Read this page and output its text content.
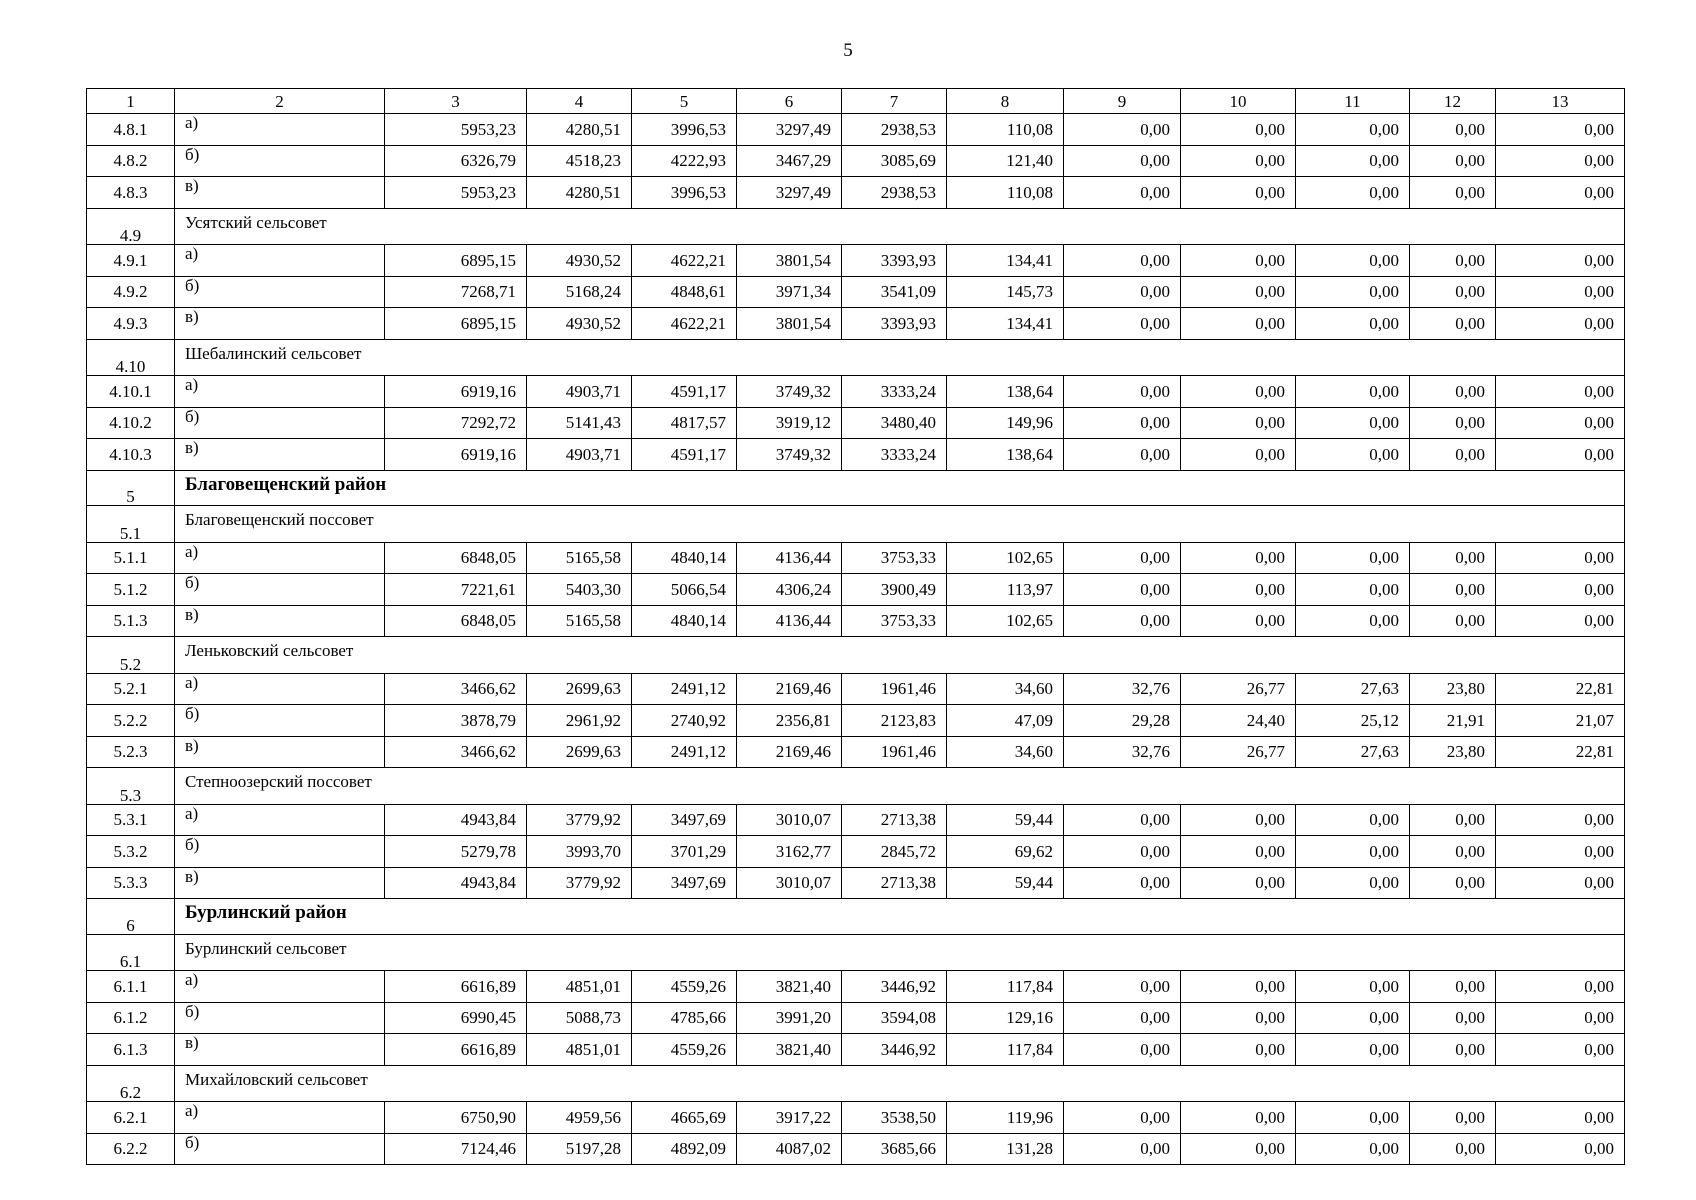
5
1	2	3	4	5	6	7	8	9	10	11	12	13
4.8.1	а)	5953,23	4280,51	3996,53	3297,49	2938,53	110,08	0,00	0,00	0,00	0,00	0,00
4.8.2	б)	6326,79	4518,23	4222,93	3467,29	3085,69	121,40	0,00	0,00	0,00	0,00	0,00
4.8.3	в)	5953,23	4280,51	3996,53	3297,49	2938,53	110,08	0,00	0,00	0,00	0,00	0,00
4.9	Усятский сельсовет											
4.9.1	а)	6895,15	4930,52	4622,21	3801,54	3393,93	134,41	0,00	0,00	0,00	0,00	0,00
4.9.2	б)	7268,71	5168,24	4848,61	3971,34	3541,09	145,73	0,00	0,00	0,00	0,00	0,00
4.9.3	в)	6895,15	4930,52	4622,21	3801,54	3393,93	134,41	0,00	0,00	0,00	0,00	0,00
4.10	Шебалинский сельсовет											
4.10.1	а)	6919,16	4903,71	4591,17	3749,32	3333,24	138,64	0,00	0,00	0,00	0,00	0,00
4.10.2	б)	7292,72	5141,43	4817,57	3919,12	3480,40	149,96	0,00	0,00	0,00	0,00	0,00
4.10.3	в)	6919,16	4903,71	4591,17	3749,32	3333,24	138,64	0,00	0,00	0,00	0,00	0,00
5	Благовещенский район											
5.1	Благовещенский поссовет											
5.1.1	а)	6848,05	5165,58	4840,14	4136,44	3753,33	102,65	0,00	0,00	0,00	0,00	0,00
5.1.2	б)	7221,61	5403,30	5066,54	4306,24	3900,49	113,97	0,00	0,00	0,00	0,00	0,00
5.1.3	в)	6848,05	5165,58	4840,14	4136,44	3753,33	102,65	0,00	0,00	0,00	0,00	0,00
5.2	Леньковский сельсовет											
5.2.1	а)	3466,62	2699,63	2491,12	2169,46	1961,46	34,60	32,76	26,77	27,63	23,80	22,81
5.2.2	б)	3878,79	2961,92	2740,92	2356,81	2123,83	47,09	29,28	24,40	25,12	21,91	21,07
5.2.3	в)	3466,62	2699,63	2491,12	2169,46	1961,46	34,60	32,76	26,77	27,63	23,80	22,81
5.3	Степноозерский поссовет											
5.3.1	а)	4943,84	3779,92	3497,69	3010,07	2713,38	59,44	0,00	0,00	0,00	0,00	0,00
5.3.2	б)	5279,78	3993,70	3701,29	3162,77	2845,72	69,62	0,00	0,00	0,00	0,00	0,00
5.3.3	в)	4943,84	3779,92	3497,69	3010,07	2713,38	59,44	0,00	0,00	0,00	0,00	0,00
6	Бурлинский район											
6.1	Бурлинский сельсовет											
6.1.1	а)	6616,89	4851,01	4559,26	3821,40	3446,92	117,84	0,00	0,00	0,00	0,00	0,00
6.1.2	б)	6990,45	5088,73	4785,66	3991,20	3594,08	129,16	0,00	0,00	0,00	0,00	0,00
6.1.3	в)	6616,89	4851,01	4559,26	3821,40	3446,92	117,84	0,00	0,00	0,00	0,00	0,00
6.2	Михайловский сельсовет											
6.2.1	а)	6750,90	4959,56	4665,69	3917,22	3538,50	119,96	0,00	0,00	0,00	0,00	0,00
6.2.2	б)	7124,46	5197,28	4892,09	4087,02	3685,66	131,28	0,00	0,00	0,00	0,00	0,00
